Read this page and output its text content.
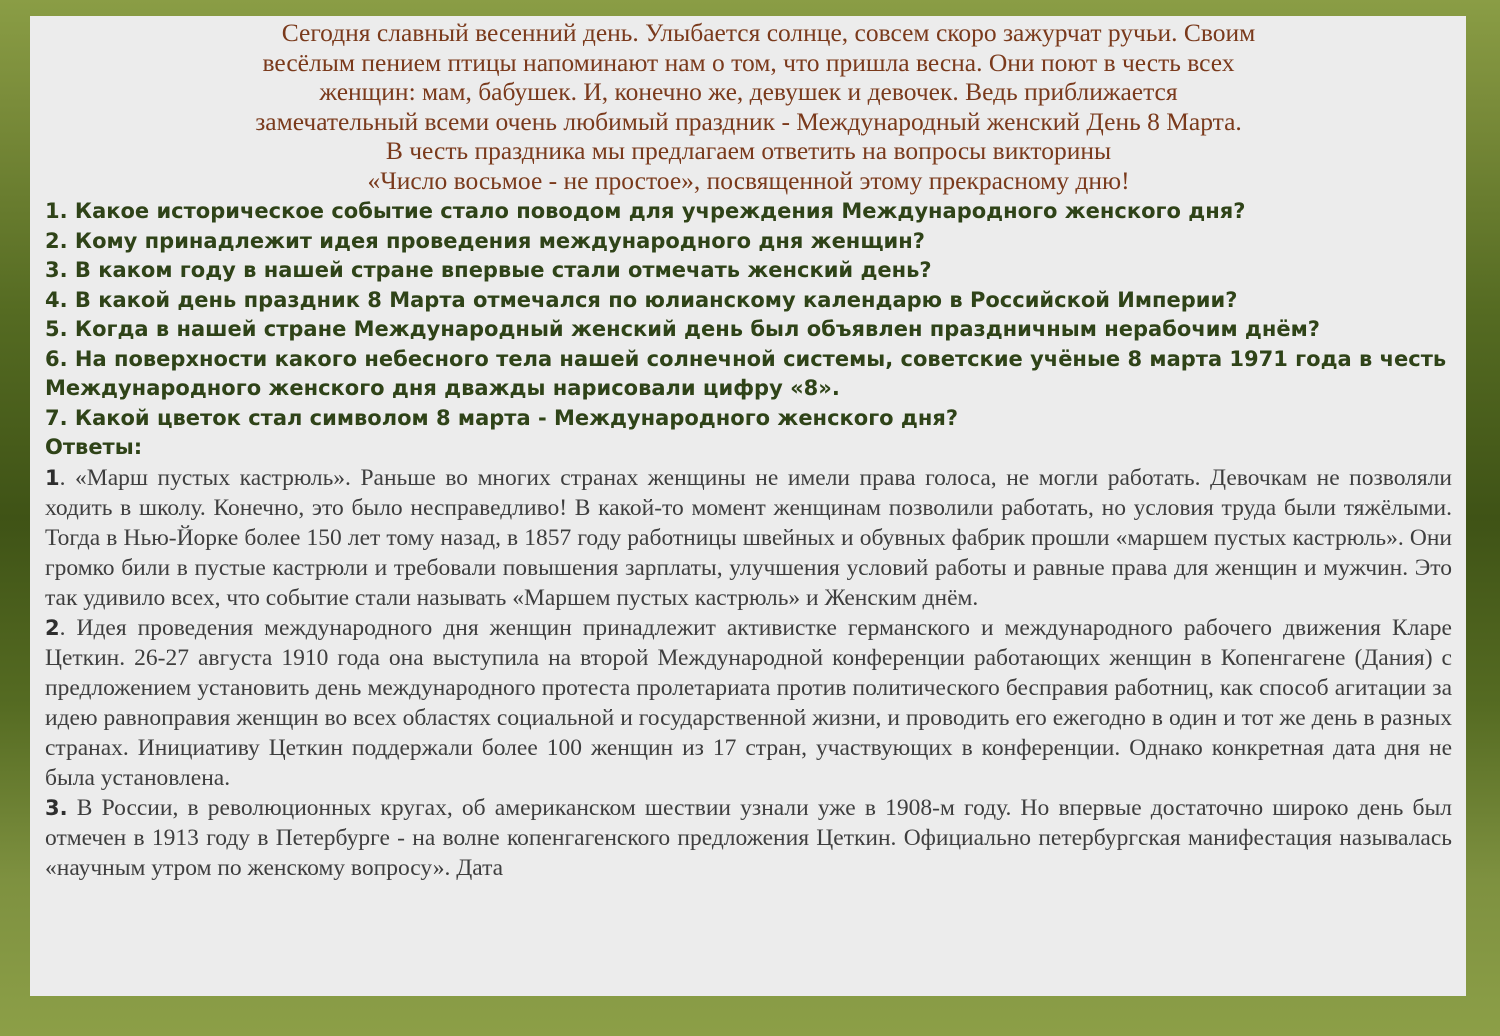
Сегодня славный весенний день. Улыбается солнце, совсем скоро зажурчат ручьи. Своим
весёлым пением птицы напоминают нам о том, что пришла весна. Они поют в честь всех
женщин: мам, бабушек. И, конечно же, девушек и девочек. Ведь приближается
замечательный всеми очень любимый праздник - Международный женский День 8 Марта.
В честь праздника мы предлагаем ответить на вопросы викторины
«Число восьмое - не простое», посвященной этому прекрасному дню!

1. Какое историческое событие стало поводом для учреждения Международного женского дня?
2. Кому принадлежит идея проведения международного дня женщин?
3. В каком году в нашей стране впервые стали отмечать женский день?
4. В какой день праздник 8 Марта отмечался по юлианскому календарю в Российской Империи?
5. Когда в нашей стране Международный женский день был объявлен праздничным нерабочим днём?
6. На поверхности какого небесного тела нашей солнечной системы, советские учёные 8 марта 1971 года в честь Международного женского дня дважды нарисовали цифру «8».
7. Какой цветок стал символом 8 марта - Международного женского дня?

Ответы:

1. «Марш пустых кастрюль». Раньше во многих странах женщины не имели права голоса, не могли работать. Девочкам не позволяли ходить в школу. Конечно, это было несправедливо! В какой-то момент женщинам позволили работать, но условия труда были тяжёлыми. Тогда в Нью-Йорке более 150 лет тому назад, в 1857 году работницы швейных и обувных фабрик прошли «маршем пустых кастрюль». Они громко били в пустые кастрюли и требовали повышения зарплаты, улучшения условий работы и равные права для женщин и мужчин. Это так удивило всех, что событие стали называть «Маршем пустых кастрюль» и Женским днём.

2. Идея проведения международного дня женщин принадлежит активистке германского и международного рабочего движения Кларе Цеткин. 26-27 августа 1910 года она выступила на второй Международной конференции работающих женщин в Копенгагене (Дания) с предложением установить день международного протеста пролетариата против политического бесправия работниц, как способ агитации за идею равноправия женщин во всех областях социальной и государственной жизни, и проводить его ежегодно в один и тот же день в разных странах. Инициативу Цеткин поддержали более 100 женщин из 17 стран, участвующих в конференции. Однако конкретная дата дня не была установлена.

3. В России, в революционных кругах, об американском шествии узнали уже в 1908-м году. Но впервые достаточно широко день был отмечен в 1913 году в Петербурге - на волне копенгагенского предложения Цеткин. Официально петербургская манифестация называлась «научным утром по женскому вопросу». Дата
